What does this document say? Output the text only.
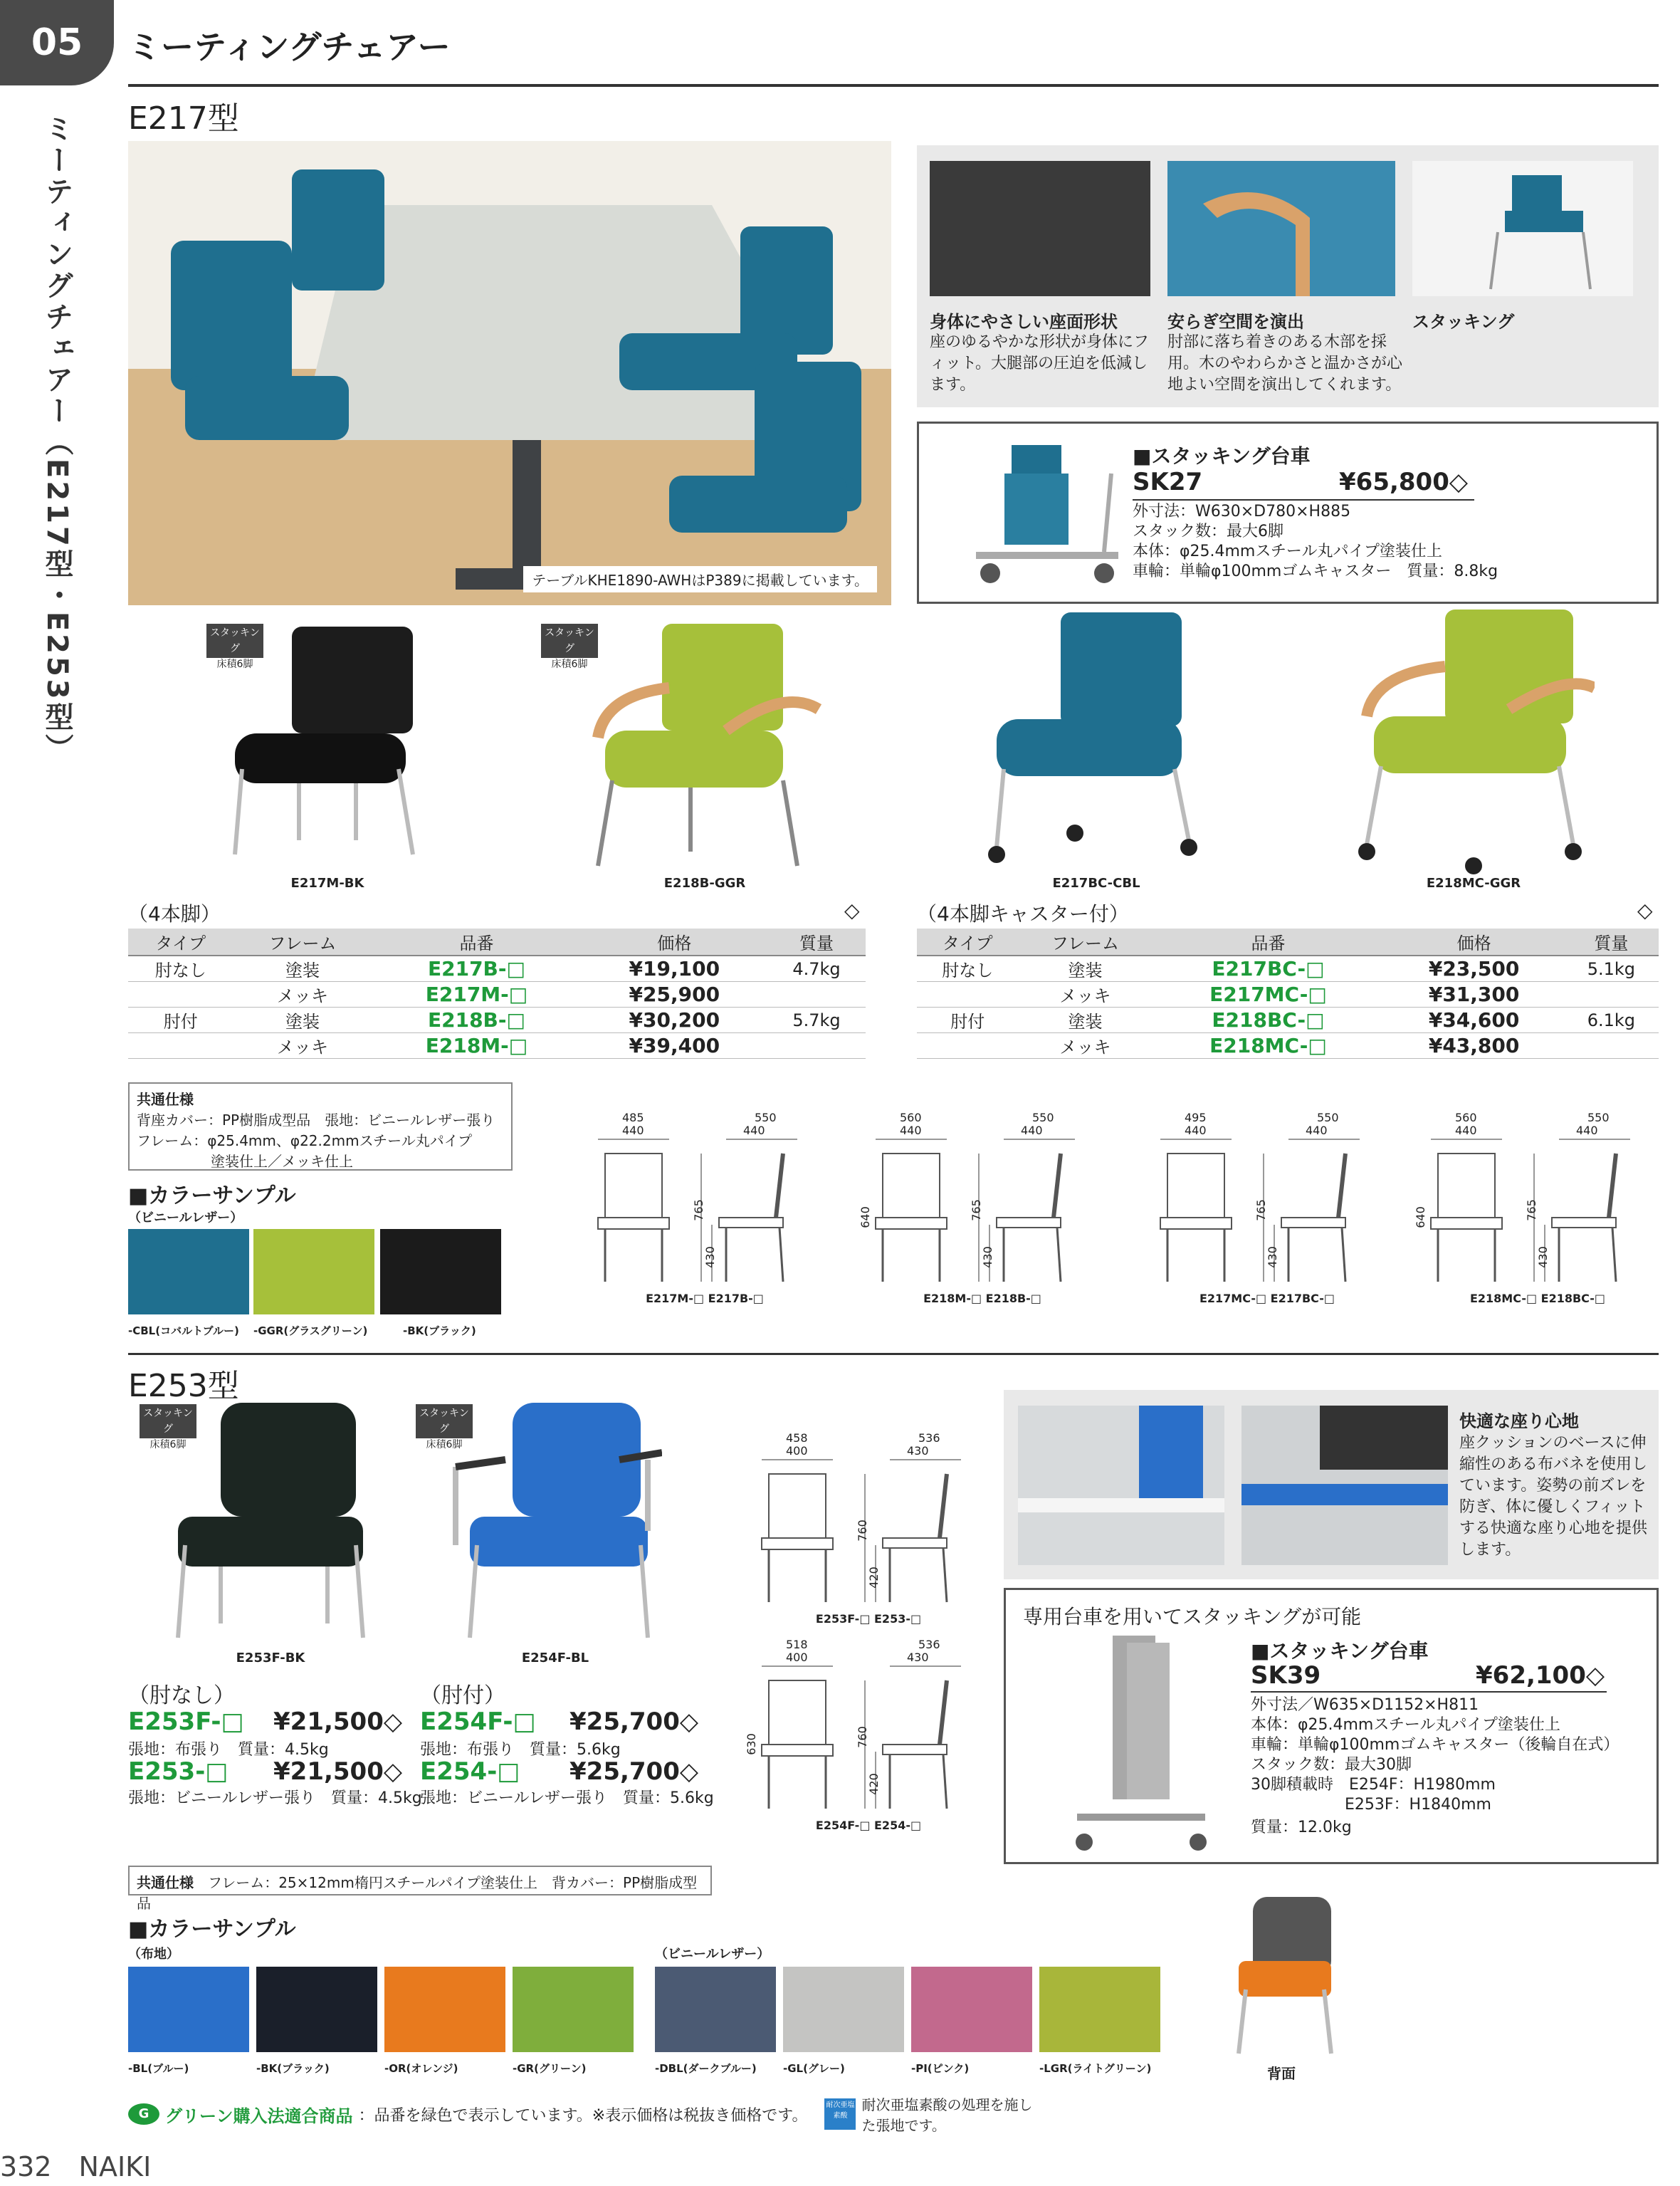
05	ミーティングチェアー
ミーティングチェアー（E217型・E253型） E217型
テーブルKHE1890-AWHはP389に掲載しています。
身体にやさしい座面形状
座のゆるやかな形状が身体にフィット。大腿部の圧迫を低減します。
安らぎ空間を演出
肘部に落ち着きのある木部を採用。木のやわらかさと温かさが心地よい空間を演出してくれます。
スタッキング
■スタッキング台車
SK27	¥65,800◇
外寸法：W630×D780×H885
スタック数：最大6脚
本体：φ25.4mmスチール丸パイプ塗装仕上
車輪：単輪φ100mmゴムキャスター　質量：8.8kg
スタッキング
床積6脚
E217M-BK
スタッキング
床積6脚
E218B-GGR	E217BC-CBL	E218MC-GGR
（4本脚）	◇
タイプ	フレーム	品番	価格	質量
肘なし	塗装	E217B-□	¥19,100	4.7kg
	メッキ	E217M-□	¥25,900	
肘付	塗装	E218B-□	¥30,200	5.7kg
	メッキ	E218M-□	¥39,400	
（4本脚キャスター付）	◇
タイプ	フレーム	品番	価格	質量
肘なし	塗装	E217BC-□	¥23,500	5.1kg
	メッキ	E217MC-□	¥31,300	
肘付	塗装	E218BC-□	¥34,600	6.1kg
	メッキ	E218MC-□	¥43,800	
共通仕様
背座カバー：PP樹脂成型品　張地：ビニールレザー張り
フレーム：φ25.4mm、φ22.2mmスチール丸パイプ
塗装仕上／メッキ仕上
■カラーサンプル
（ビニールレザー）
-CBL(コバルトブルー) -GGR(グラスグリーン)	-BK(ブラック)
485
440
550
440
765
430
E217M-□ E217B-□
560
440
550
440
765
430
640
E218M-□ E218B-□
495
440
550
440
765
430
E217MC-□ E217BC-□
560
440
550
440
765
430
640
E218MC-□ E218BC-□
E253型
スタッキング
床積6脚
E253F-BK
スタッキング
床積6脚
E254F-BL
（肘なし）
E253F-□ ¥21,500◇
張地：布張り　質量：4.5kg
E253-□ ¥21,500◇
張地：ビニールレザー張り　質量：4.5kg
（肘付）
E254F-□ ¥25,700◇
張地：布張り　質量：5.6kg
E254-□ ¥25,700◇
張地：ビニールレザー張り　質量：5.6kg
458
400
536
430
760
420
E253F-□ E253-□
518
400
536
430
760
420
630
E254F-□ E254-□
快適な座り心地
座クッションのベースに伸縮性のある布バネを使用しています。姿勢の前ズレを防ぎ、体に優しくフィットする快適な座り心地を提供します。
専用台車を用いてスタッキングが可能
■スタッキング台車
SK39	¥62,100◇
外寸法／W635×D1152×H811
本体：φ25.4mmスチール丸パイプ塗装仕上
車輪：単輪φ100mmゴムキャスター（後輪自在式）
スタック数：最大30脚
30脚積載時　E254F：H1980mm
　　　　　　E253F：H1840mm
質量：12.0kg
共通仕様　 フレーム：25×12mm楕円スチールパイプ塗装仕上　背カバー：PP樹脂成型品
■カラーサンプル
（布地）	（ビニールレザー）
-BL(ブルー)	-BK(ブラック)	-OR(オレンジ)	-GR(グリーン)	-DBL(ダークブルー) -GL(グレー)	-PI(ピンク)	-LGR(ライトグリーン)	背面
G グリーン購入法適合商品 ：品番を緑色で表示しています。※表示価格は税抜き価格です。
耐次亜塩素酸
耐次亜塩素酸の処理を施した張地です。
332　 NAIKI
